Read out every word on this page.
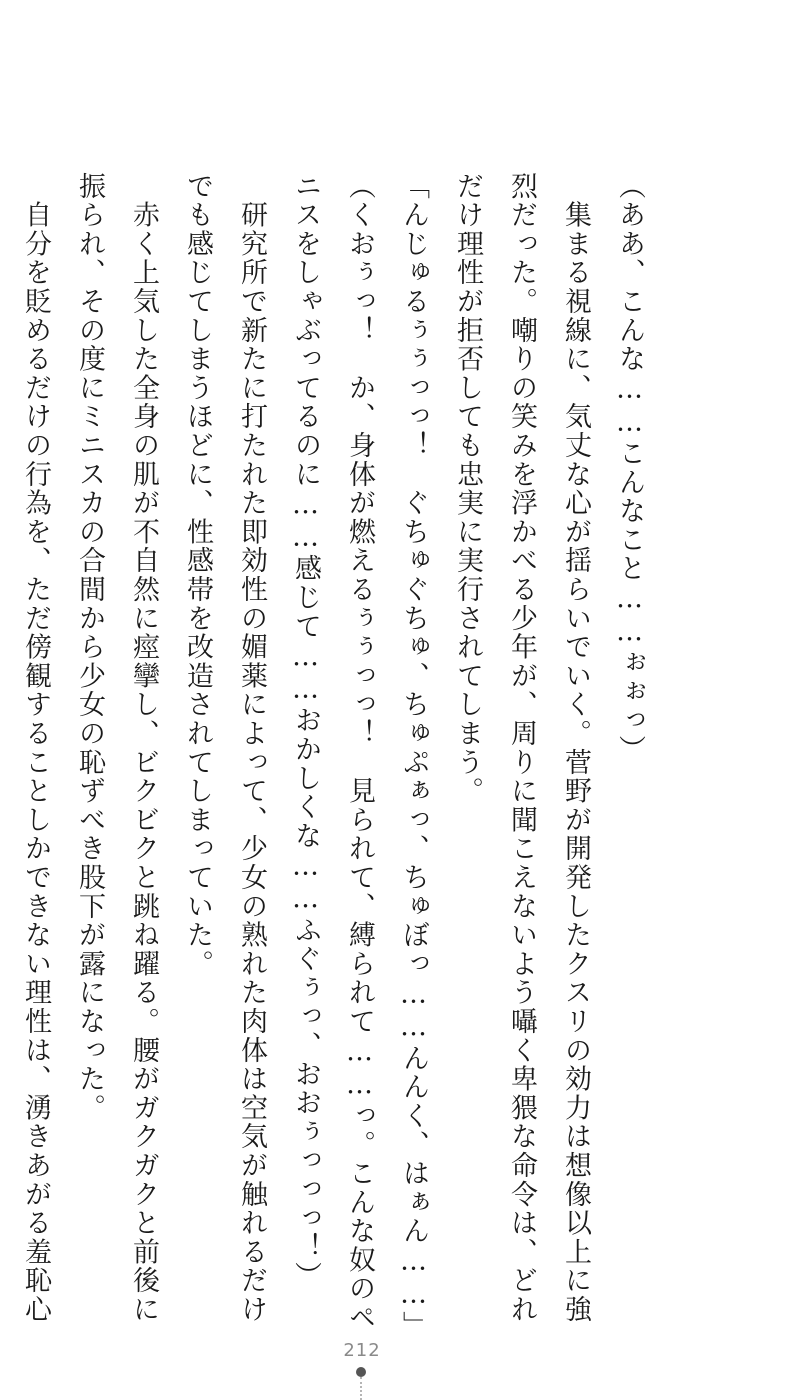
（ああ、こんな……こんなこと……ぉぉっ）
　集まる視線に、気丈な心が揺らいでいく。菅野が開発したクスリの効力は想像以上に強
烈だった。嘲りの笑みを浮かべる少年が、周りに聞こえないよう囁く卑猥な命令は、どれ
だけ理性が拒否しても忠実に実行されてしまう。
「んじゅるぅぅっっ！　ぐちゅぐちゅ、ちゅぷぁっ、ちゅぼっ……んんく、はぁん……」
（くおぅっ！　か、身体が燃えるぅぅっっ！　見られて、縛られて……っ。こんな奴のペ
ニスをしゃぶってるのに……感じて……おかしくな……ふぐぅっ、おおぅっっっ！）
　研究所で新たに打たれた即効性の媚薬によって、少女の熟れた肉体は空気が触れるだけ
でも感じてしまうほどに、性感帯を改造されてしまっていた。
　赤く上気した全身の肌が不自然に痙攣し、ビクビクと跳ね躍る。腰がガクガクと前後に
振られ、その度にミニスカの合間から少女の恥ずべき股下が露になった。
　自分を貶めるだけの行為を、ただ傍観することしかできない理性は、湧きあがる羞恥心
212
